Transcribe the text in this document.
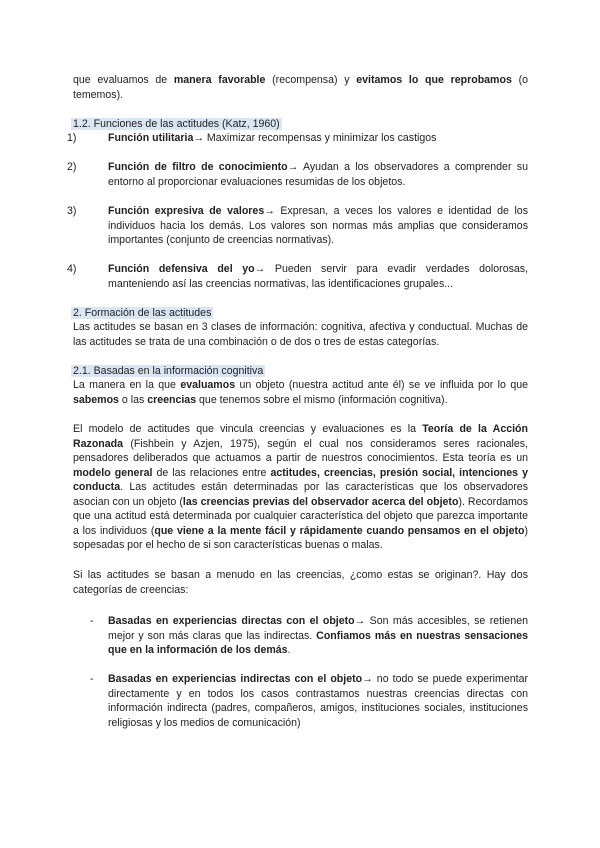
que evaluamos de manera favorable (recompensa) y evitamos lo que reprobamos (o tememos).
1.2. Funciones de las actitudes (Katz, 1960)
1)	Función utilitaria→ Maximizar recompensas y minimizar los castigos
2)	Función de filtro de conocimiento→ Ayudan a los observadores a comprender su entorno al proporcionar evaluaciones resumidas de los objetos.
3)	Función expresiva de valores→ Expresan, a veces los valores e identidad de los individuos hacia los demás. Los valores son normas más amplias que consideramos importantes (conjunto de creencias normativas).
4)	Función defensiva del yo→ Pueden servir para evadir verdades dolorosas, manteniendo así las creencias normativas, las identificaciones grupales...
2. Formación de las actitudes
Las actitudes se basan en 3 clases de información: cognitiva, afectiva y conductual. Muchas de las actitudes se trata de una combinación o de dos o tres de estas categorías.
2.1. Basadas en la información cognitiva
La manera en la que evaluamos un objeto (nuestra actitud ante él) se ve influida por lo que sabemos o las creencias que tenemos sobre el mismo (información cognitiva).
El modelo de actitudes que vincula creencias y evaluaciones es la Teoría de la Acción Razonada (Fishbein y Azjen, 1975), según el cual nos consideramos seres racionales, pensadores deliberados que actuamos a partir de nuestros conocimientos. Esta teoría es un modelo general de las relaciones entre actitudes, creencias, presión social, intenciones y conducta. Las actitudes están determinadas por las características que los observadores asocian con un objeto (las creencias previas del observador acerca del objeto). Recordamos que una actitud está determinada por cualquier característica del objeto que parezca importante a los individuos (que viene a la mente fácil y rápidamente cuando pensamos en el objeto) sopesadas por el hecho de si son características buenas o malas.
Si las actitudes se basan a menudo en las creencias, ¿como estas se originan?. Hay dos categorías de creencias:
- Basadas en experiencias directas con el objeto→ Son más accesibles, se retienen mejor y son más claras que las indirectas. Confiamos más en nuestras sensaciones que en la información de los demás.
- Basadas en experiencias indirectas con el objeto→ no todo se puede experimentar directamente y en todos los casos contrastamos nuestras creencias directas con información indirecta (padres, compañeros, amigos, instituciones sociales, instituciones religiosas y los medios de comunicación)
